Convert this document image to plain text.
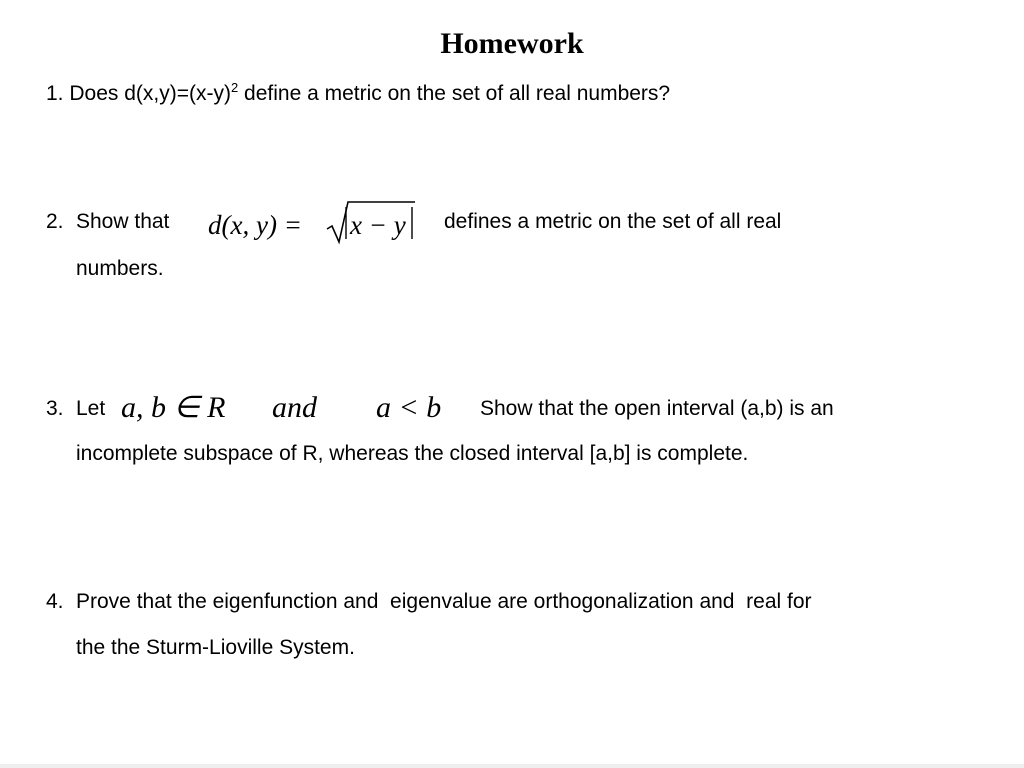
Homework
1. Does $d(x,y)=(x-y)^2$ define a metric on the set of all real numbers?
2. Show that d(x, y) = x − y defines a metric on the set of all real
numbers.
3. Let a, b ∈ R and a < b Show that the open interval (a,b) is an
incomplete subspace of R, whereas the closed interval [a,b] is complete.
4. Prove that the eigenfunction and  eigenvalue are orthogonalization and  real for
the the Sturm-Lioville System.
